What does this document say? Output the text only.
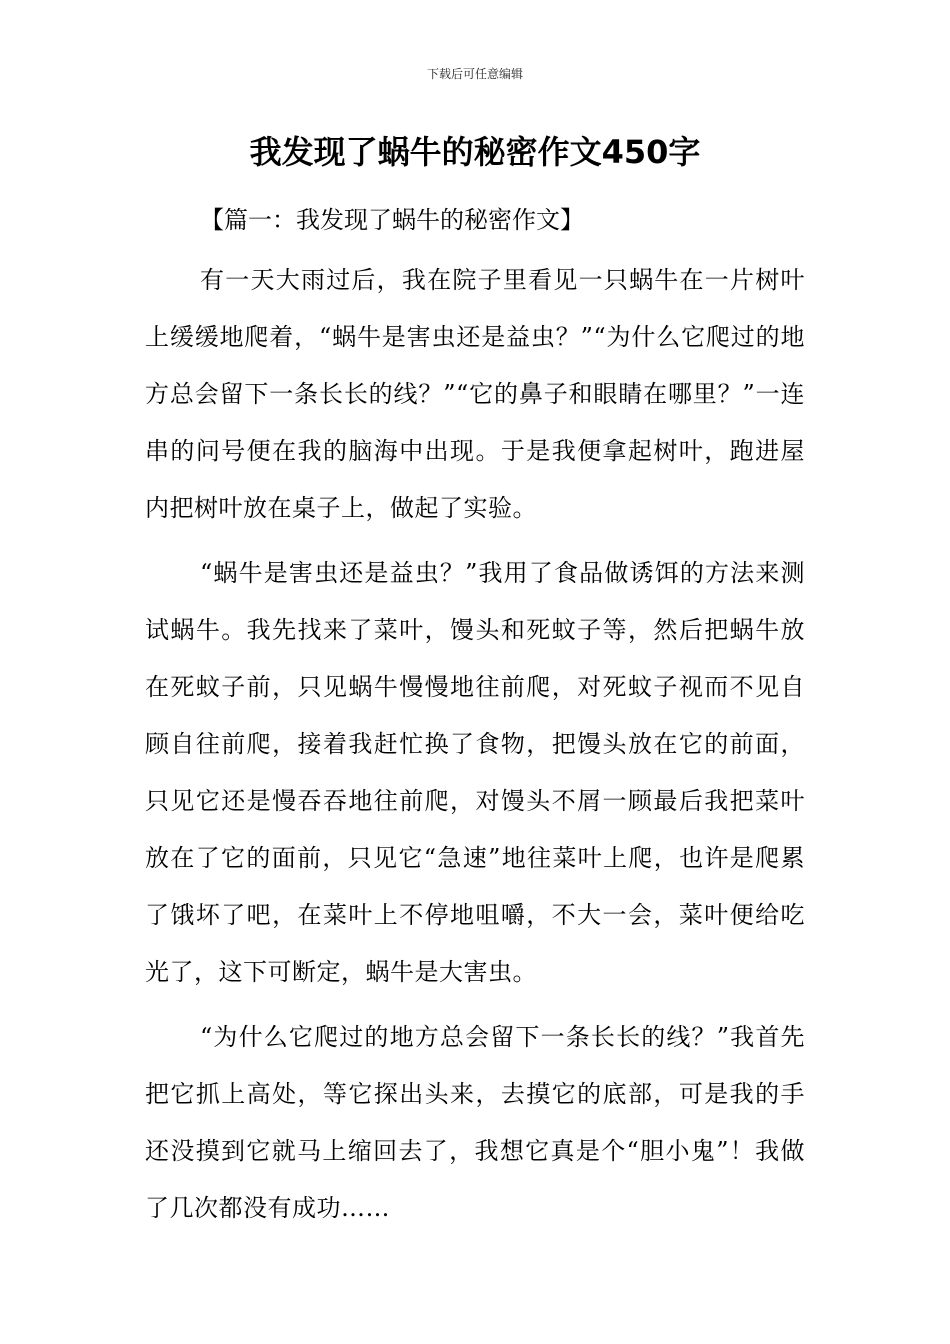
下载后可任意编辑
我发现了蜗牛的秘密作文450字

【篇一：我发现了蜗牛的秘密作文】

有一天大雨过后，我在院子里看见一只蜗牛在一片树叶上缓缓地爬着，“蜗牛是害虫还是益虫？”“为什么它爬过的地方总会留下一条长长的线？”“它的鼻子和眼睛在哪里？”一连串的问号便在我的脑海中出现。于是我便拿起树叶，跑进屋内把树叶放在桌子上，做起了实验。

“蜗牛是害虫还是益虫？”我用了食品做诱饵的方法来测试蜗牛。我先找来了菜叶，馒头和死蚊子等，然后把蜗牛放在死蚊子前，只见蜗牛慢慢地往前爬，对死蚊子视而不见自顾自往前爬，接着我赶忙换了食物，把馒头放在它的前面，只见它还是慢吞吞地往前爬，对馒头不屑一顾最后我把菜叶放在了它的面前，只见它“急速”地往菜叶上爬，也许是爬累了饿坏了吧，在菜叶上不停地咀嚼，不大一会，菜叶便给吃光了，这下可断定，蜗牛是大害虫。

“为什么它爬过的地方总会留下一条长长的线？”我首先把它抓上高处，等它探出头来，去摸它的底部，可是我的手还没摸到它就马上缩回去了，我想它真是个“胆小鬼”！我做了几次都没有成功……
